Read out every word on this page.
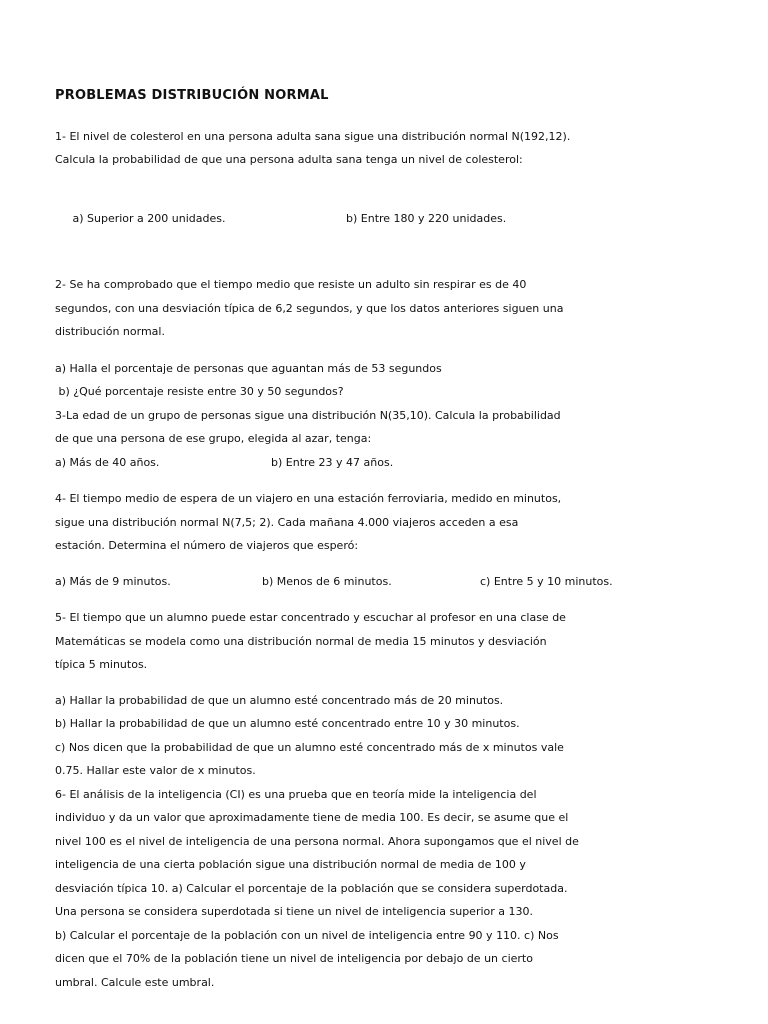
PROBLEMAS DISTRIBUCIÓN NORMAL
1- El nivel de colesterol en una persona adulta sana sigue una distribución normal N(192,12).
Calcula la probabilidad de que una persona adulta sana tenga un nivel de colesterol:

a) Superior a 200 unidades.	b) Entre 180 y 220 unidades.

2- Se ha comprobado que el tiempo medio que resiste un adulto sin respirar es de 40
segundos, con una desviación típica de 6,2 segundos, y que los datos anteriores siguen una
distribución normal.
a) Halla el porcentaje de personas que aguantan más de 53 segundos
b) ¿Qué porcentaje resiste entre 30 y 50 segundos?
3-La edad de un grupo de personas sigue una distribución N(35,10). Calcula la probabilidad
de que una persona de ese grupo, elegida al azar, tenga:
a) Más de 40 años.	b) Entre 23 y 47 años.
4- El tiempo medio de espera de un viajero en una estación ferroviaria, medido en minutos,
sigue una distribución normal N(7,5; 2). Cada mañana 4.000 viajeros acceden a esa
estación. Determina el número de viajeros que esperó:
a) Más de 9 minutos.	b) Menos de 6 minutos.	c) Entre 5 y 10 minutos.
5- El tiempo que un alumno puede estar concentrado y escuchar al profesor en una clase de
Matemáticas se modela como una distribución normal de media 15 minutos y desviación
típica 5 minutos.
a) Hallar la probabilidad de que un alumno esté concentrado más de 20 minutos.
b) Hallar la probabilidad de que un alumno esté concentrado entre 10 y 30 minutos.
c) Nos dicen que la probabilidad de que un alumno esté concentrado más de x minutos vale
0.75. Hallar este valor de x minutos.
6- El análisis de la inteligencia (CI) es una prueba que en teoría mide la inteligencia del
individuo y da un valor que aproximadamente tiene de media 100. Es decir, se asume que el
nivel 100 es el nivel de inteligencia de una persona normal. Ahora supongamos que el nivel de
inteligencia de una cierta población sigue una distribución normal de media de 100 y
desviación típica 10. a) Calcular el porcentaje de la población que se considera superdotada.
Una persona se considera superdotada si tiene un nivel de inteligencia superior a 130.
b) Calcular el porcentaje de la población con un nivel de inteligencia entre 90 y 110. c) Nos
dicen que el 70% de la población tiene un nivel de inteligencia por debajo de un cierto
umbral. Calcule este umbral.
